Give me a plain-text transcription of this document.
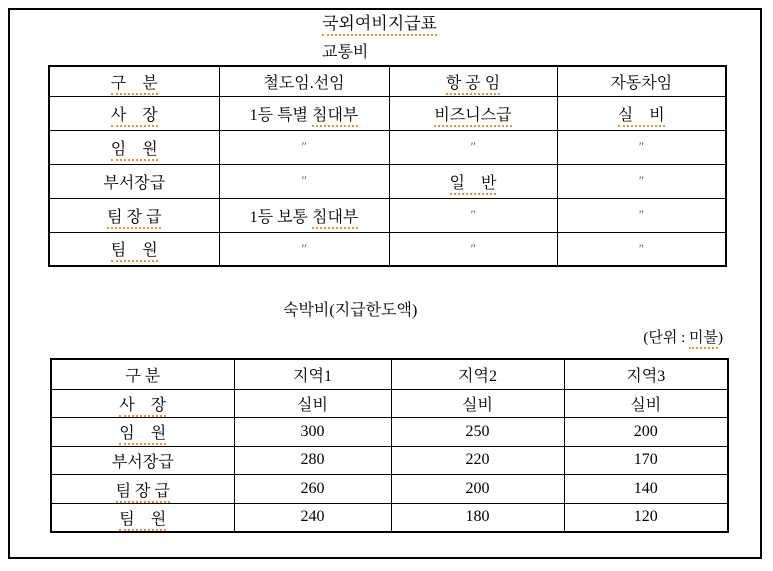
국외여비지급표
교통비
구    분	철도임.선임	항 공 임	자동차임
사    장	1등 특별 침대부	비즈니스급	실    비
임    원	″	″	″
부서장급	″	일    반	″
팀 장 급	1등 보통 침대부	″	″
팀    원	″	″	″
숙박비(지급한도액)
(단위 : 미불)
구 분	지역1	지역2	지역3
사    장	실비	실비	실비
임    원	300	250	200
부서장급	280	220	170
팀 장 급	260	200	140
팀    원	240	180	120
